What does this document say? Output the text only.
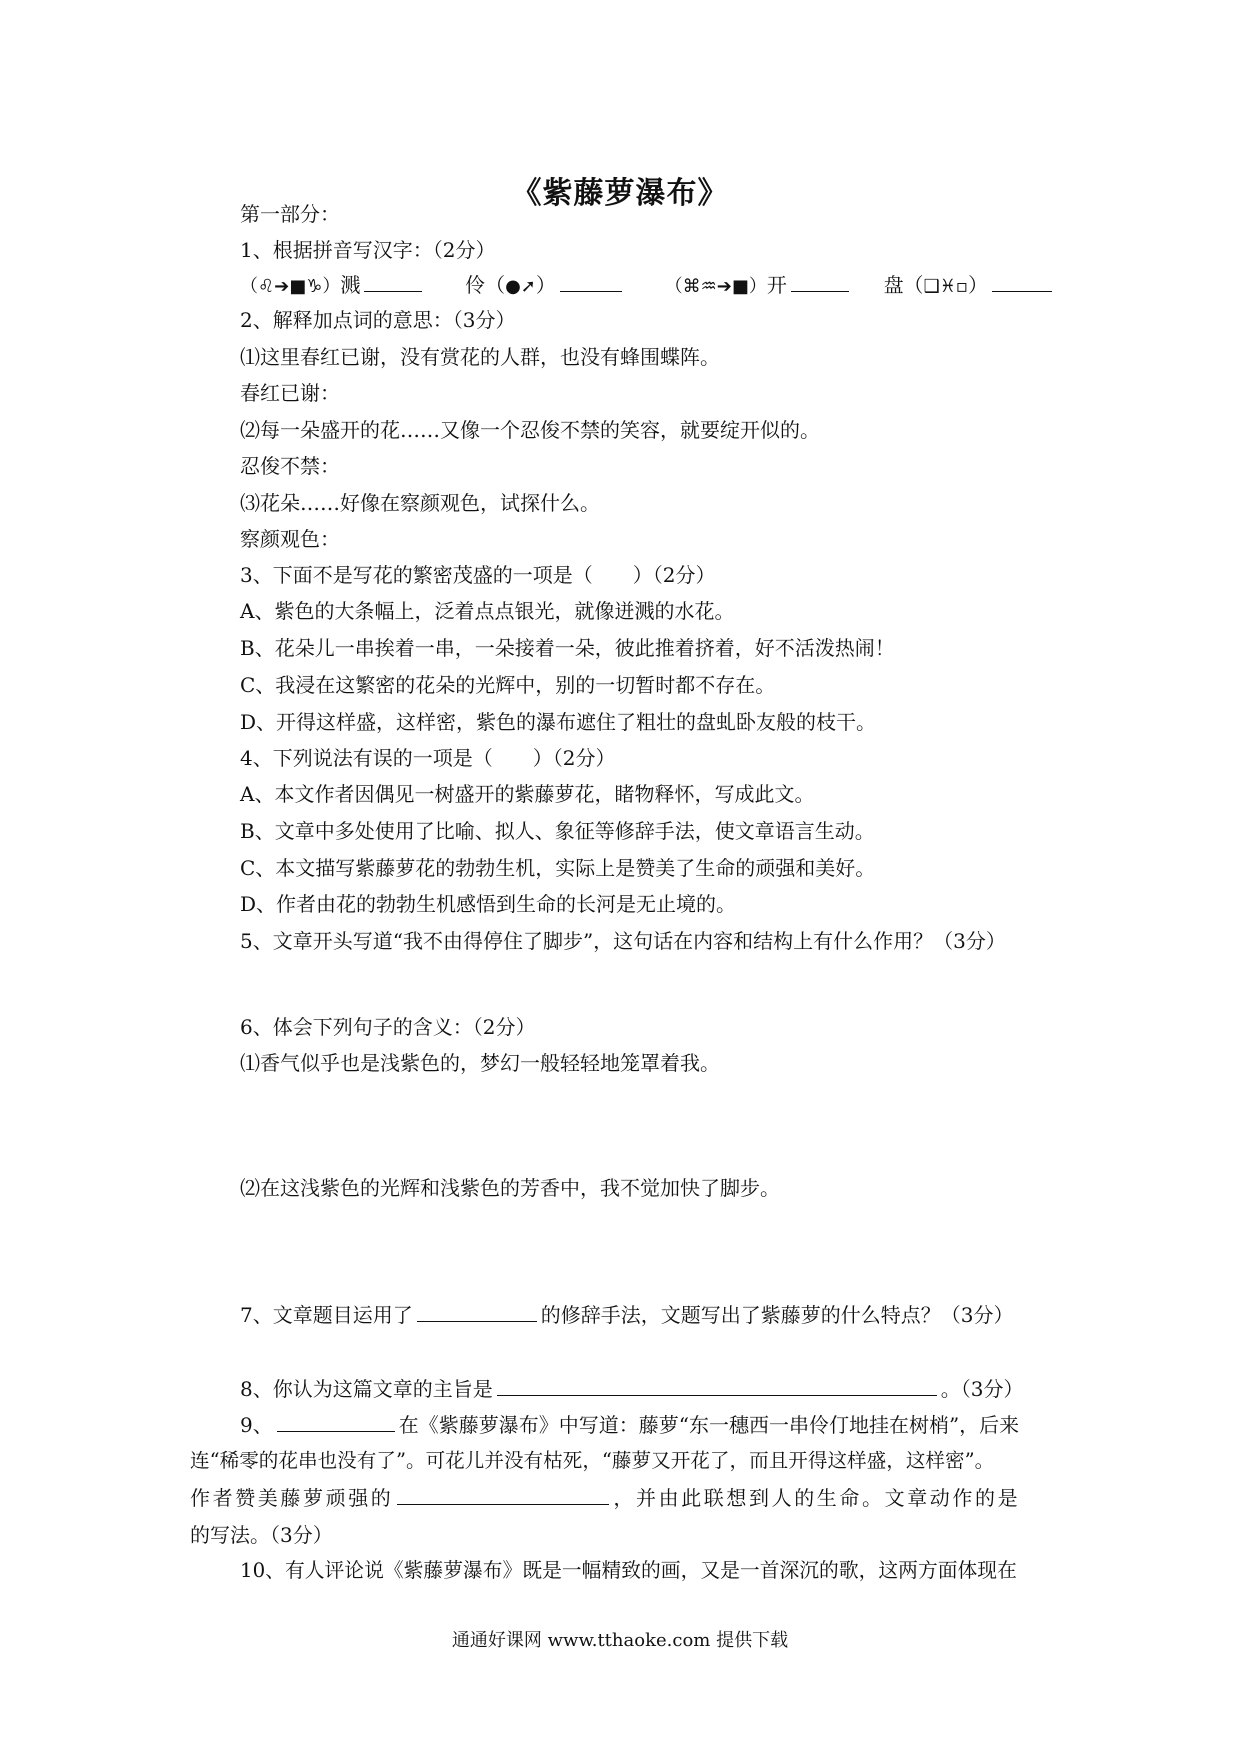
《紫藤萝瀑布》
第一部分：
1、根据拼音写汉字：（2分）
（♌➔■♑）溅	伶（●➚）	（⌘♒➔■）开	盘（❑♓▫）
2、解释加点词的意思：（3分）
⑴这里春红已谢，没有赏花的人群，也没有蜂围蝶阵。
春红已谢：
⑵每一朵盛开的花……又像一个忍俊不禁的笑容，就要绽开似的。
忍俊不禁：
⑶花朵……好像在察颜观色，试探什么。
察颜观色：
3、下面不是写花的繁密茂盛的一项是（　　）（2分）
A、紫色的大条幅上，泛着点点银光，就像迸溅的水花。
B、花朵儿一串挨着一串，一朵接着一朵，彼此推着挤着，好不活泼热闹！
C、我浸在这繁密的花朵的光辉中，别的一切暂时都不存在。
D、开得这样盛，这样密，紫色的瀑布遮住了粗壮的盘虬卧友般的枝干。
4、下列说法有误的一项是（　　）（2分）
A、本文作者因偶见一树盛开的紫藤萝花，睹物释怀，写成此文。
B、文章中多处使用了比喻、拟人、象征等修辞手法，使文章语言生动。
C、本文描写紫藤萝花的勃勃生机，实际上是赞美了生命的顽强和美好。
D、作者由花的勃勃生机感悟到生命的长河是无止境的。
5、文章开头写道“我不由得停住了脚步”，这句话在内容和结构上有什么作用？（3分）
6、体会下列句子的含义：（2分）
⑴香气似乎也是浅紫色的，梦幻一般轻轻地笼罩着我。
⑵在这浅紫色的光辉和浅紫色的芳香中，我不觉加快了脚步。
7、文章题目运用了	的修辞手法，文题写出了紫藤萝的什么特点？（3分）
8、你认为这篇文章的主旨是	。（3分）
9、	在《紫藤萝瀑布》中写道：藤萝“东一穗西一串伶仃地挂在树梢”，后来
连“稀零的花串也没有了”。可花儿并没有枯死，“藤萝又开花了，而且开得这样盛，这样密”。
作者赞美藤萝顽强的	，并由此联想到人的生命。文章动作的是
的写法。（3分）
10、有人评论说《紫藤萝瀑布》既是一幅精致的画，又是一首深沉的歌，这两方面体现在
通通好课网 www.tthaoke.com 提供下载
